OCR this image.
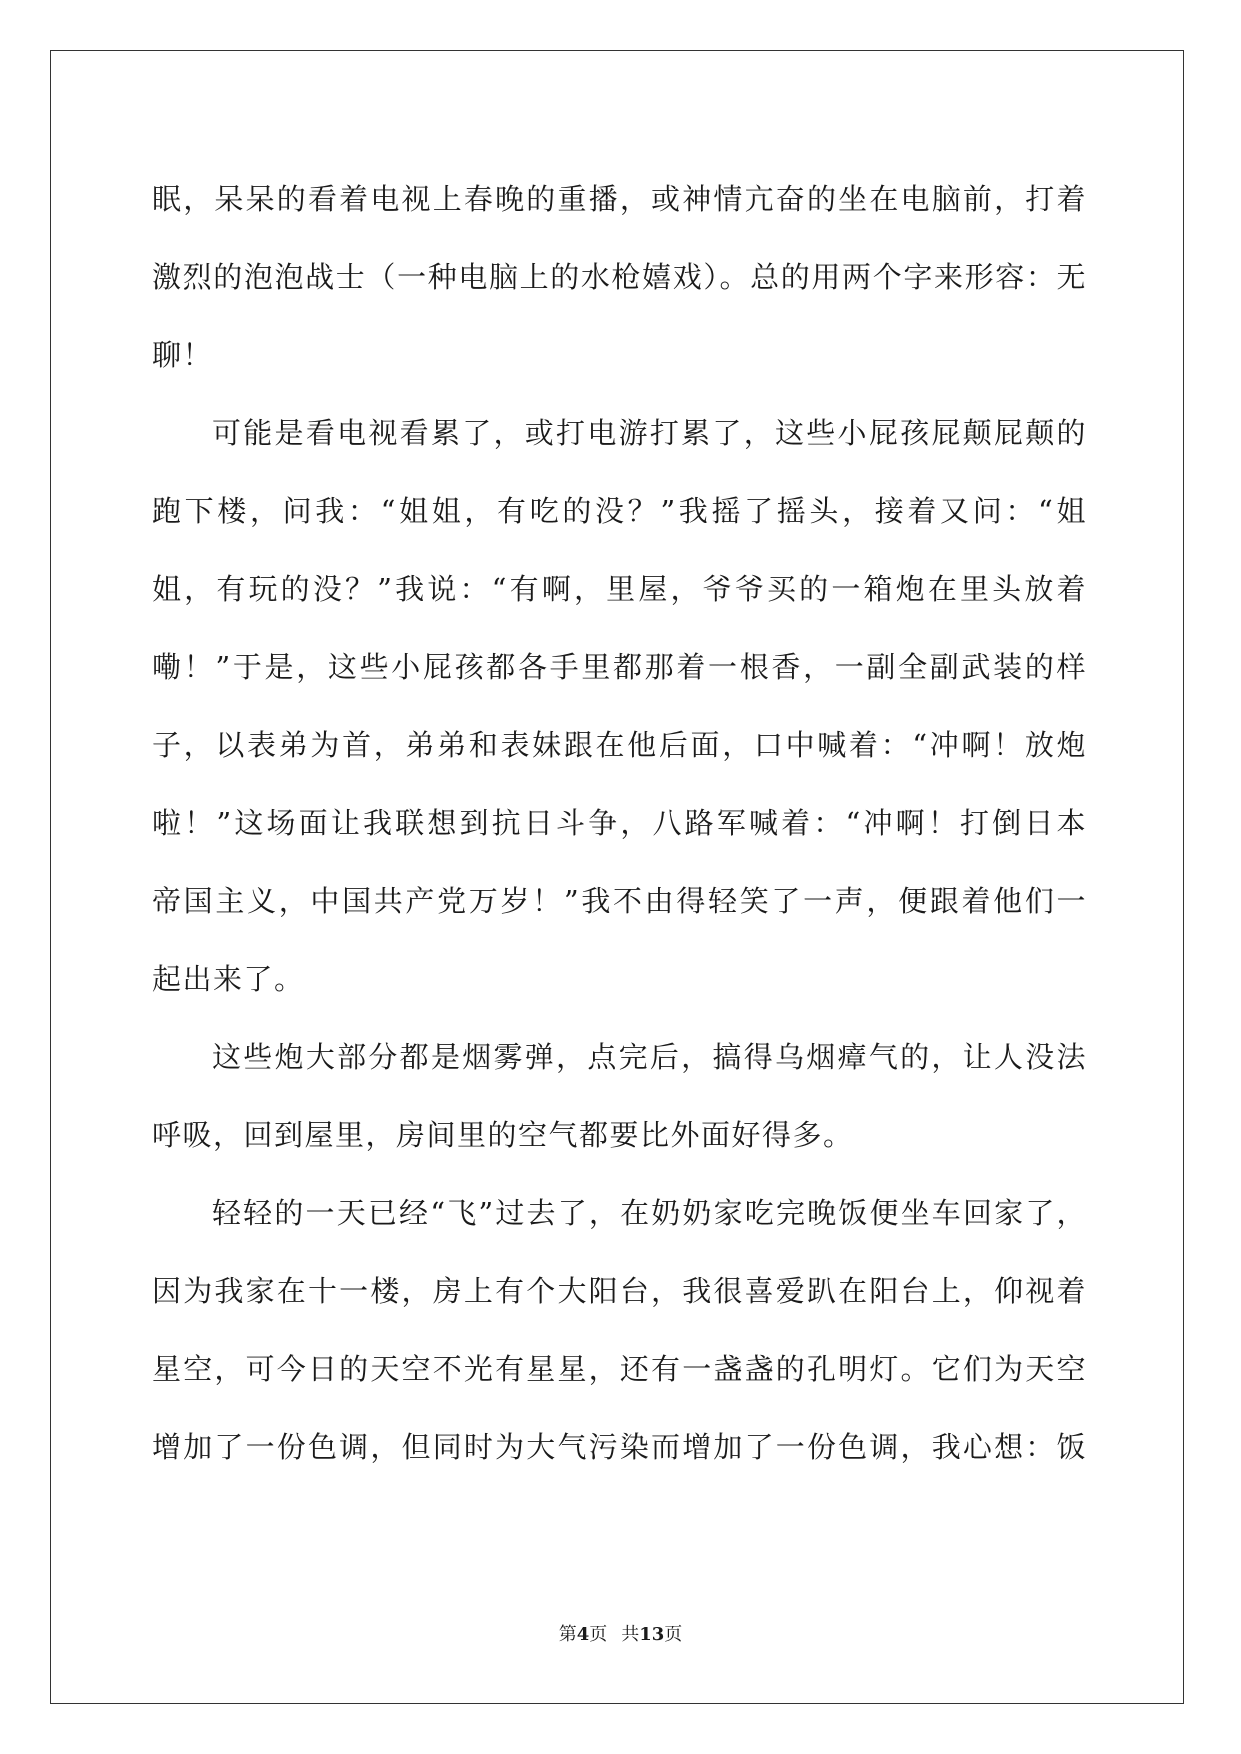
眠，呆呆的看着电视上春晚的重播，或神情亢奋的坐在电脑前，打着
激烈的泡泡战士（一种电脑上的水枪嬉戏）。总的用两个字来形容：无
聊！
可能是看电视看累了，或打电游打累了，这些小屁孩屁颠屁颠的
跑下楼，问我：“姐姐，有吃的没？”我摇了摇头，接着又问：“姐
姐，有玩的没？”我说：“有啊，里屋，爷爷买的一箱炮在里头放着
嘞！”于是，这些小屁孩都各手里都那着一根香，一副全副武装的样
子，以表弟为首，弟弟和表妹跟在他后面，口中喊着：“冲啊！放炮
啦！”这场面让我联想到抗日斗争，八路军喊着：“冲啊！打倒日本
帝国主义，中国共产党万岁！”我不由得轻笑了一声，便跟着他们一
起出来了。
这些炮大部分都是烟雾弹，点完后，搞得乌烟瘴气的，让人没法
呼吸，回到屋里，房间里的空气都要比外面好得多。
轻轻的一天已经“飞”过去了，在奶奶家吃完晚饭便坐车回家了，
因为我家在十一楼，房上有个大阳台，我很喜爱趴在阳台上，仰视着
星空，可今日的天空不光有星星，还有一盏盏的孔明灯。它们为天空
增加了一份色调，但同时为大气污染而增加了一份色调，我心想：饭
第4页 共13页
